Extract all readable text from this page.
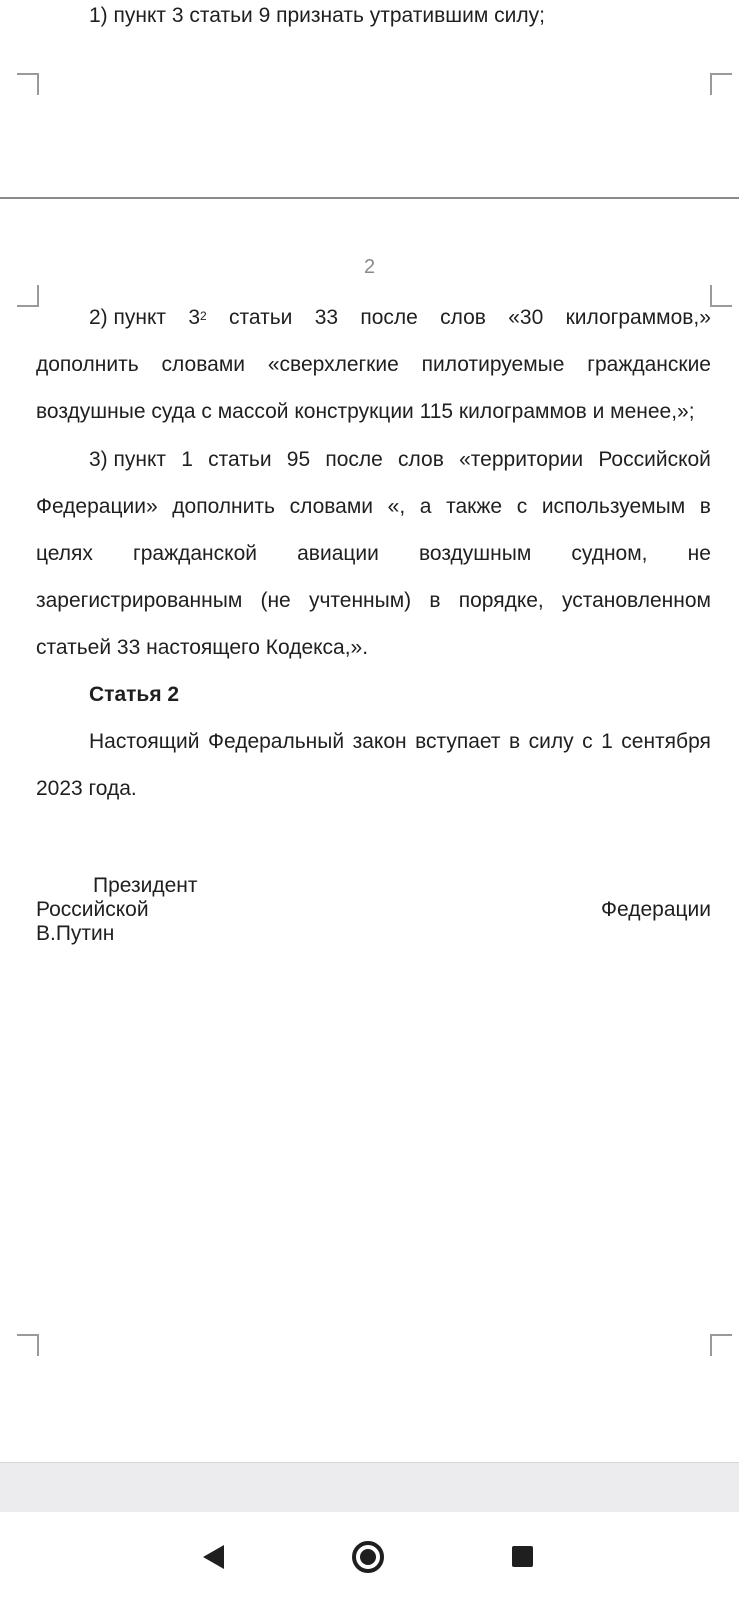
1) пункт 3 статьи 9 признать утратившим силу;
2
2) пункт $3^2$ статьи 33 после слов «30 килограммов,»
дополнить словами «сверхлегкие пилотируемые гражданские
воздушные суда с массой конструкции 115 килограммов и менее,»;
3) пункт 1 статьи 95 после слов «территории Российской
Федерации» дополнить словами «, а также с используемым в
целях гражданской авиации воздушным судном, не
зарегистрированным (не учтенным) в порядке, установленном
статьей 33 настоящего Кодекса,».
Статья 2
Настоящий Федеральный закон вступает в силу с 1 сентября
2023 года.
Президент
Российской	Федерации
В.Путин
